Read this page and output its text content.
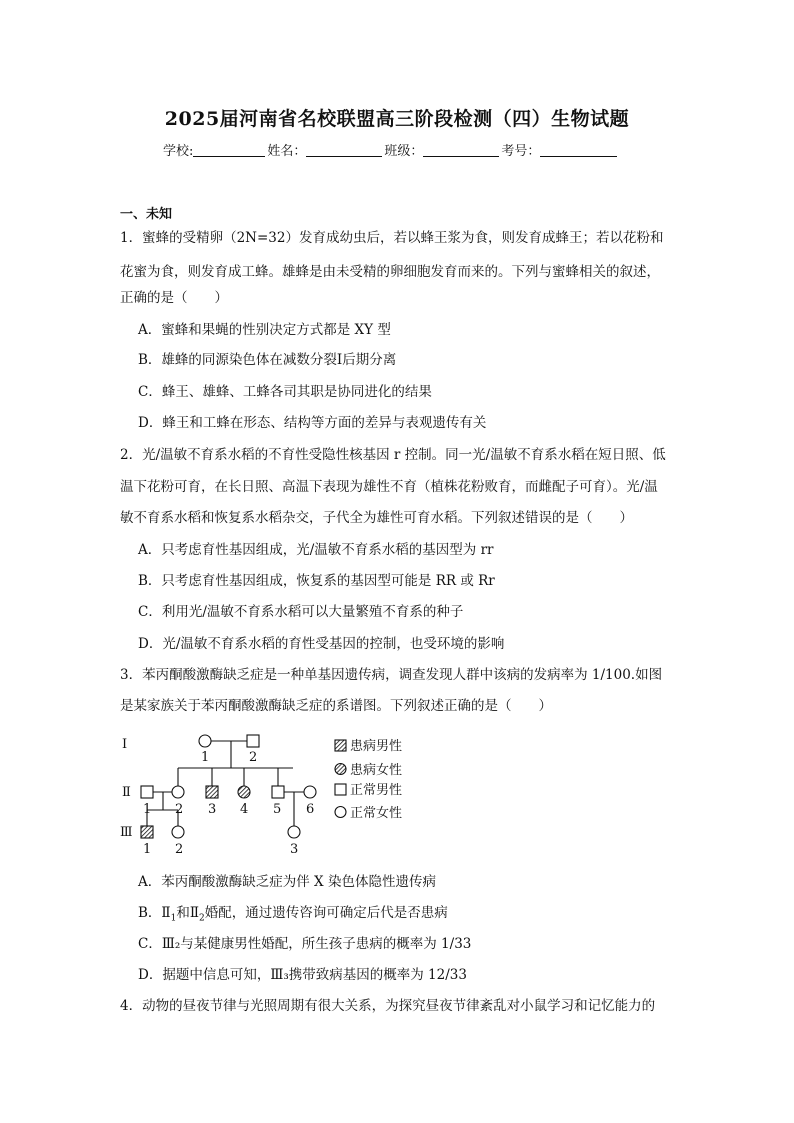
2025届河南省名校联盟高三阶段检测（四）生物试题
学校:	姓名：	班级：	考号：
一、未知
1．蜜蜂的受精卵（2N=32）发育成幼虫后，若以蜂王浆为食，则发育成蜂王；若以花粉和
花蜜为食，则发育成工蜂。雄蜂是由未受精的卵细胞发育而来的。下列与蜜蜂相关的叙述，
正确的是（　　）
A．蜜蜂和果蝇的性别决定方式都是 XY 型
B．雄蜂的同源染色体在减数分裂Ⅰ后期分离
C．蜂王、雄蜂、工蜂各司其职是协同进化的结果
D．蜂王和工蜂在形态、结构等方面的差异与表观遗传有关
2．光/温敏不育系水稻的不育性受隐性核基因 r 控制。同一光/温敏不育系水稻在短日照、低
温下花粉可育，在长日照、高温下表现为雄性不育（植株花粉败育，而雌配子可育）。光/温
敏不育系水稻和恢复系水稻杂交，子代全为雄性可育水稻。下列叙述错误的是（　　）
A．只考虑育性基因组成，光/温敏不育系水稻的基因型为 rr
B．只考虑育性基因组成，恢复系的基因型可能是 RR 或 Rr
C．利用光/温敏不育系水稻可以大量繁殖不育系的种子
D．光/温敏不育系水稻的育性受基因的控制，也受环境的影响
3．苯丙酮酸激酶缺乏症是一种单基因遗传病，调查发现人群中该病的发病率为 1/100.如图
是某家族关于苯丙酮酸激酶缺乏症的系谱图。下列叙述正确的是（　　）
Ⅰ
Ⅱ
Ⅲ
1	2
1 2 3 4 5 6
1 2	3
患病男性
患病女性
正常男性
正常女性
A．苯丙酮酸激酶缺乏症为伴 X 染色体隐性遗传病
B．$Ⅱ_1$和$Ⅱ_2$婚配，通过遗传咨询可确定后代是否患病
C．Ⅲ₂与某健康男性婚配，所生孩子患病的概率为 1/33
D．据题中信息可知，Ⅲ₃携带致病基因的概率为 12/33
4．动物的昼夜节律与光照周期有很大关系，为探究昼夜节律紊乱对小鼠学习和记忆能力的
